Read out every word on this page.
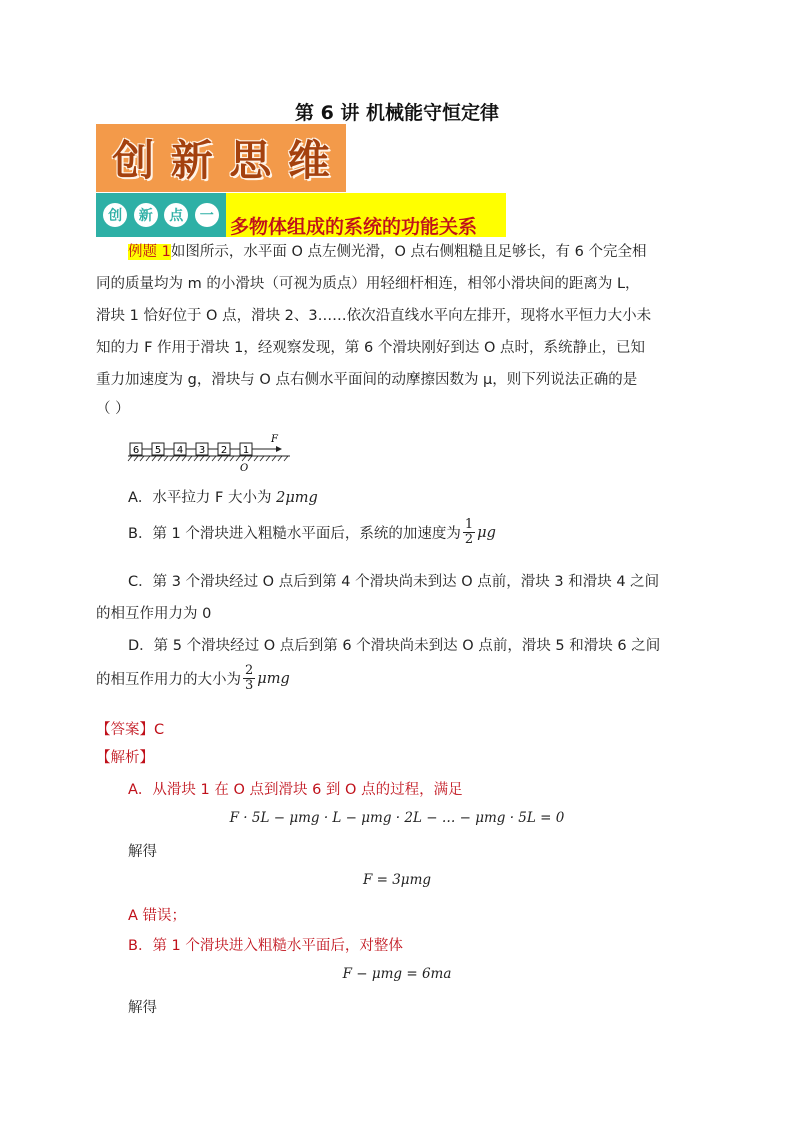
第 6 讲 机械能守恒定律
创 新 思 维
创	新	点	一 多物体组成的系统的功能关系
例题 1如图所示，水平面 O 点左侧光滑，O 点右侧粗糙且足够长，有 6 个完全相
同的质量均为 m 的小滑块（可视为质点）用轻细杆相连，相邻小滑块间的距离为 L，
滑块 1 恰好位于 O 点，滑块 2、3……依次沿直线水平向左排开，现将水平恒力大小未
知的力 F 作用于滑块 1，经观察发现，第 6 个滑块刚好到达 O 点时，系统静止，已知
重力加速度为 g，滑块与 O 点右侧水平面间的动摩擦因数为 μ，则下列说法正确的是
（ ）
6 5 4 3 2 1
F
O
A．水平拉力 F 大小为 2μmg
B．第 1 个滑块进入粗糙水平面后，系统的加速度为 $\frac{1}{2}$ μg
C．第 3 个滑块经过 O 点后到第 4 个滑块尚未到达 O 点前，滑块 3 和滑块 4 之间
的相互作用力为 0
D．第 5 个滑块经过 O 点后到第 6 个滑块尚未到达 O 点前，滑块 5 和滑块 6 之间
的相互作用力的大小为 $\frac{2}{3}$ μmg
【答案】C
【解析】
A．从滑块 1 在 O 点到滑块 6 到 O 点的过程，满足
F · 5L − μmg · L − μmg · 2L − … − μmg · 5L = 0
解得
F = 3μmg
A 错误；
B．第 1 个滑块进入粗糙水平面后，对整体
F − μmg = 6ma
解得
